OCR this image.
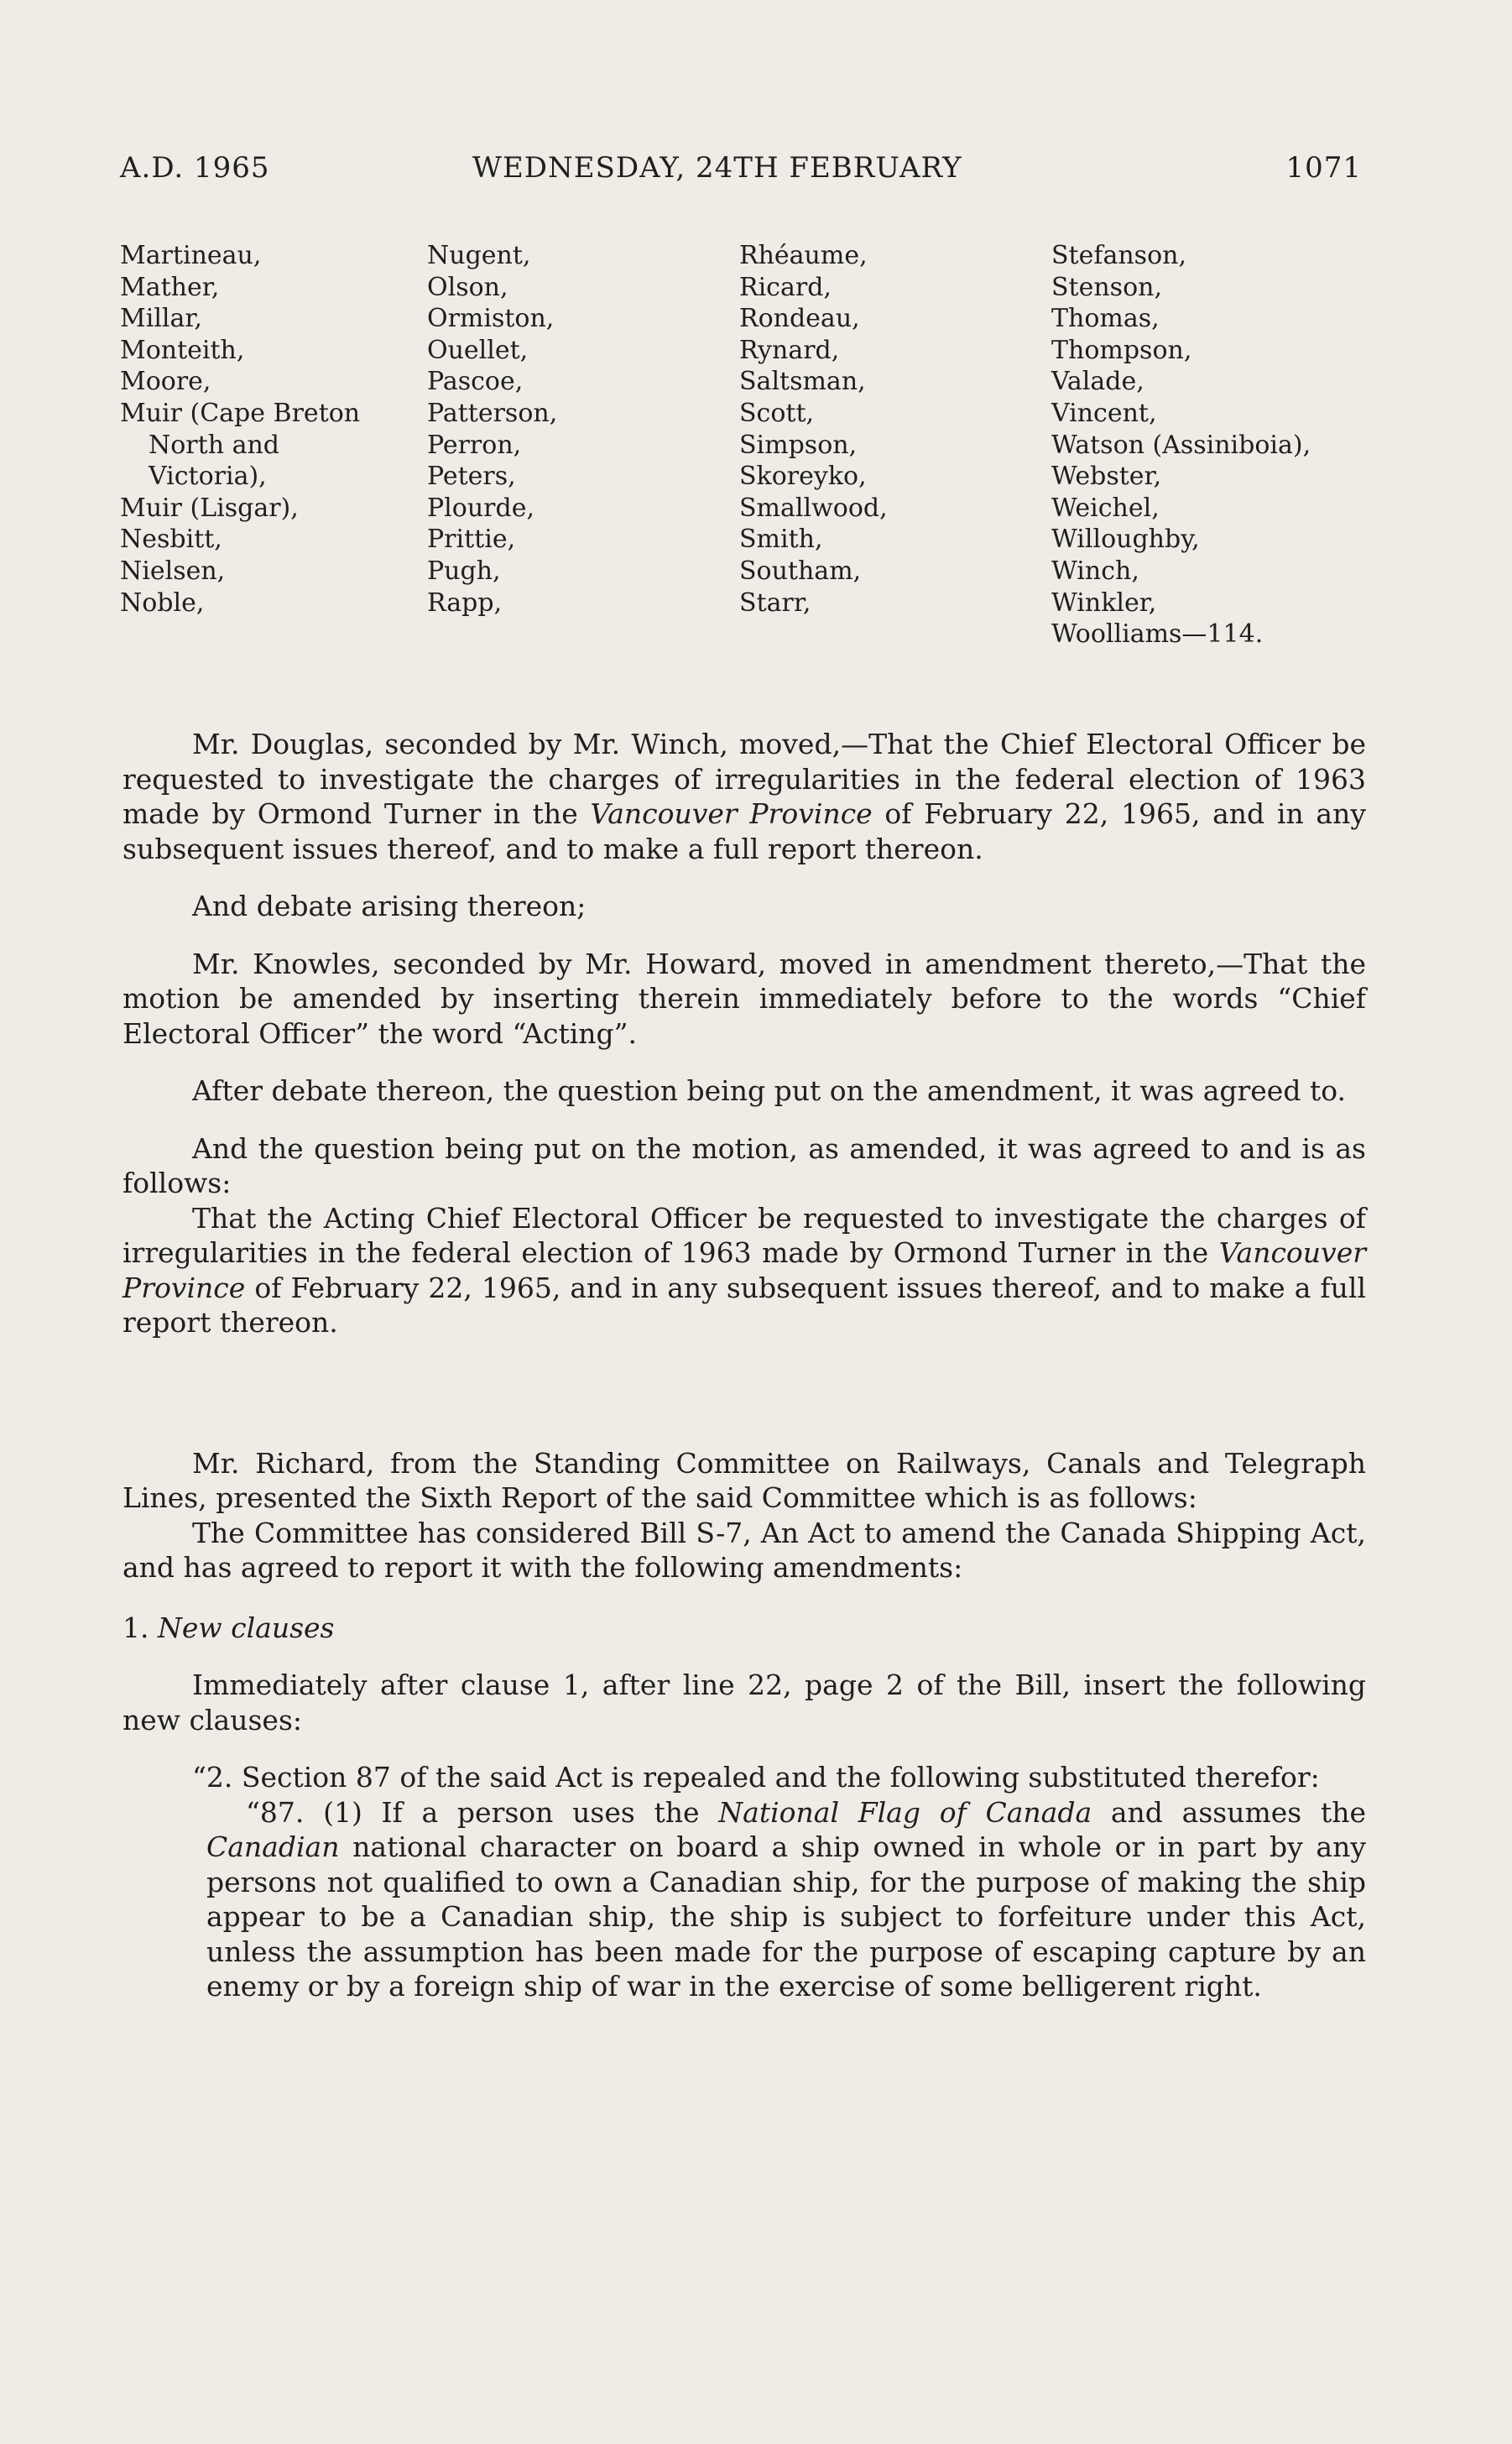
A.D. 1965	WEDNESDAY, 24TH FEBRUARY	1071
Martineau,
Mather,
Millar,
Monteith,
Moore,
Muir (Cape Breton
North and
Victoria),
Muir (Lisgar),
Nesbitt,
Nielsen,
Noble,
Nugent,
Olson,
Ormiston,
Ouellet,
Pascoe,
Patterson,
Perron,
Peters,
Plourde,
Prittie,
Pugh,
Rapp,
Rhéaume,
Ricard,
Rondeau,
Rynard,
Saltsman,
Scott,
Simpson,
Skoreyko,
Smallwood,
Smith,
Southam,
Starr,
Stefanson,
Stenson,
Thomas,
Thompson,
Valade,
Vincent,
Watson (Assiniboia),
Webster,
Weichel,
Willoughby,
Winch,
Winkler,
Woolliams—114.

Mr. Douglas, seconded by Mr. Winch, moved,—That the Chief Electoral Officer be requested to investigate the charges of irregularities in the federal election of 1963 made by Ormond Turner in the Vancouver Province of February 22, 1965, and in any subsequent issues thereof, and to make a full report thereon.

And debate arising thereon;

Mr. Knowles, seconded by Mr. Howard, moved in amendment thereto,—That the motion be amended by inserting therein immediately before to the words “Chief Electoral Officer” the word “Acting”.

After debate thereon, the question being put on the amendment, it was agreed to.

And the question being put on the motion, as amended, it was agreed to and is as follows:

That the Acting Chief Electoral Officer be requested to investigate the charges of irregularities in the federal election of 1963 made by Ormond Turner in the Vancouver Province of February 22, 1965, and in any subsequent issues thereof, and to make a full report thereon.

Mr. Richard, from the Standing Committee on Railways, Canals and Telegraph Lines, presented the Sixth Report of the said Committee which is as follows:

The Committee has considered Bill S-7, An Act to amend the Canada Shipping Act, and has agreed to report it with the following amendments:

1. New clauses

Immediately after clause 1, after line 22, page 2 of the Bill, insert the following new clauses:

“2. Section 87 of the said Act is repealed and the following substituted therefor:

“87. (1) If a person uses the National Flag of Canada and assumes the Canadian national character on board a ship owned in whole or in part by any persons not qualified to own a Canadian ship, for the purpose of making the ship appear to be a Canadian ship, the ship is subject to forfeiture under this Act, unless the assumption has been made for the purpose of escaping capture by an enemy or by a foreign ship of war in the exercise of some belligerent right.
